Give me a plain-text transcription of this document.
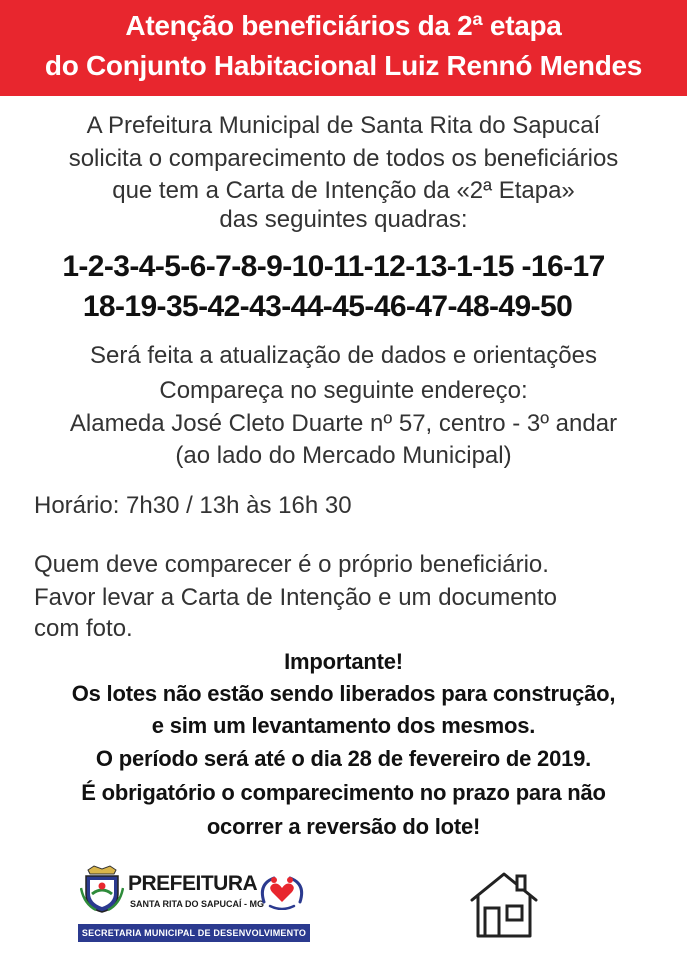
Atenção beneficiários da 2ª etapa
do Conjunto Habitacional Luiz Rennó Mendes
A Prefeitura Municipal de Santa Rita do Sapucaí
solicita o comparecimento de todos os beneficiários
que tem a Carta de Intenção da «2ª Etapa»
das seguintes quadras:
1-2-3-4-5-6-7-8-9-10-11-12-13-1-15 -16-17
18-19-35-42-43-44-45-46-47-48-49-50
Será feita a atualização de dados e orientações
Compareça no seguinte endereço:
Alameda José Cleto Duarte nº 57, centro - 3º andar
(ao lado do Mercado Municipal)
Horário: 7h30 / 13h às 16h 30
Quem deve comparecer é o próprio beneficiário.
Favor levar a Carta de Intenção e um documento
com foto.
Importante!
Os lotes não estão sendo liberados para construção,
e sim um levantamento dos mesmos.
O período será até o dia 28 de fevereiro de 2019.
É obrigatório o comparecimento no prazo para não
ocorrer a reversão do lote!
PREFEITURA
SANTA RITA DO SAPUCAÍ - MG
SECRETARIA MUNICIPAL DE DESENVOLVIMENTO SOCIAL
